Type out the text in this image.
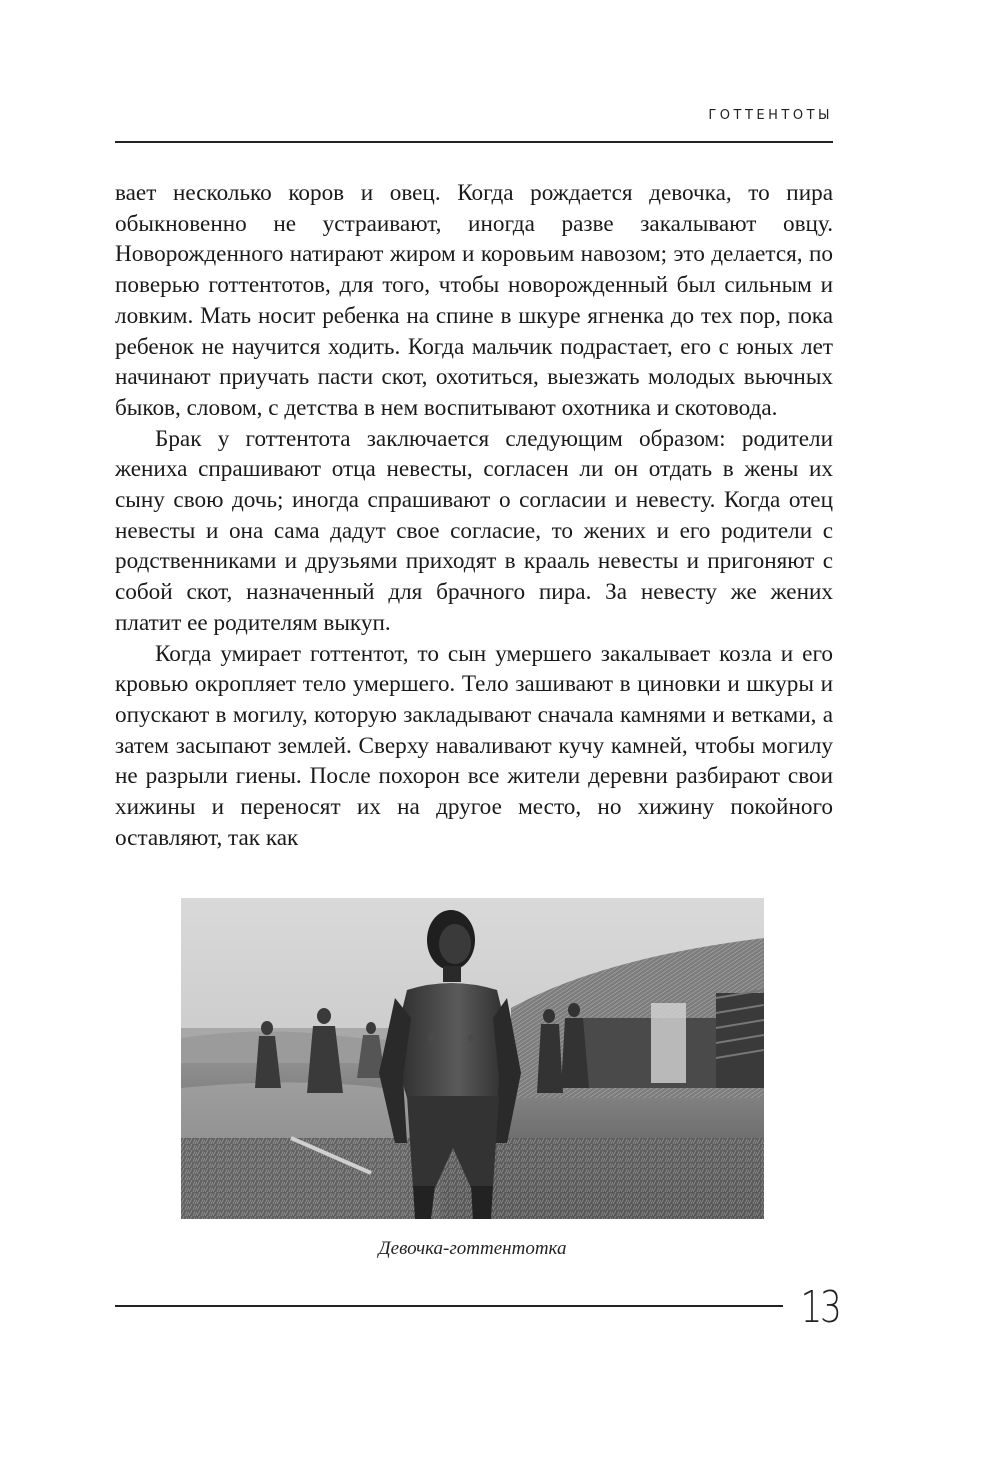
ГОТТЕНТОТЫ

вает несколько коров и овец. Когда рождается девочка, то пира обыкновенно не устраивают, иногда разве закалывают овцу. Новорожденного натирают жиром и коровьим навозом; это делается, по поверью готтентотов, для того, чтобы новорожденный был сильным и ловким. Мать носит ребенка на спине в шкуре ягненка до тех пор, пока ребенок не научится ходить. Когда мальчик подрастает, его с юных лет начинают приучать пасти скот, охотиться, выезжать молодых вьючных быков, словом, с детства в нем воспитывают охотника и скотовода.

Брак у готтентота заключается следующим образом: родители жениха спрашивают отца невесты, согласен ли он отдать в жены их сыну свою дочь; иногда спрашивают о согласии и невесту. Когда отец невесты и она сама дадут свое согласие, то жених и его родители с родственниками и друзьями приходят в крааль невесты и пригоняют с собой скот, назначенный для брачного пира. За невесту же жених платит ее родителям выкуп.

Когда умирает готтентот, то сын умершего закалывает козла и его кровью окропляет тело умершего. Тело зашивают в циновки и шкуры и опускают в могилу, которую закладывают сначала камнями и ветками, а затем засыпают землей. Сверху наваливают кучу камней, чтобы могилу не разрыли гиены. После похорон все жители деревни разбирают свои хижины и переносят их на другое место, но хижину покойного оставляют, так как

Девочка-готтентотка
13
